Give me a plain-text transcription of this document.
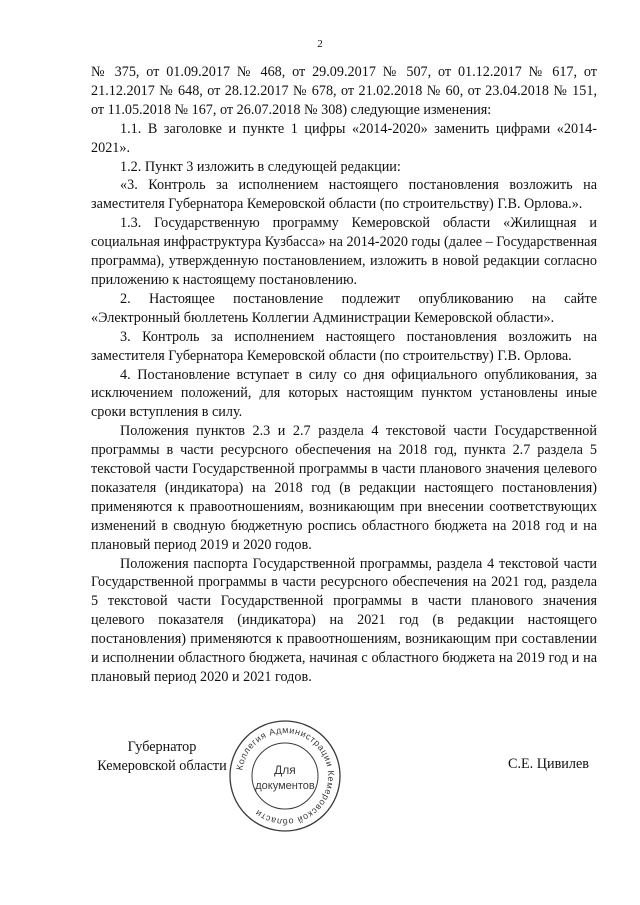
2

№ 375, от 01.09.2017 № 468, от 29.09.2017 № 507, от 01.12.2017 № 617, от 21.12.2017 № 648, от 28.12.2017 № 678, от 21.02.2018 № 60, от 23.04.2018 № 151, от 11.05.2018 № 167, от 26.07.2018 № 308) следующие изменения:

1.1. В заголовке и пункте 1 цифры «2014-2020» заменить цифрами «2014-2021».

1.2. Пункт 3 изложить в следующей редакции:

«3. Контроль за исполнением настоящего постановления возложить на заместителя Губернатора Кемеровской области (по строительству) Г.В. Орлова.».

1.3. Государственную программу Кемеровской области «Жилищная и социальная инфраструктура Кузбасса» на 2014-2020 годы (далее – Государственная программа), утвержденную постановлением, изложить в новой редакции согласно приложению к настоящему постановлению.

2. Настоящее постановление подлежит опубликованию на сайте «Электронный бюллетень Коллегии Администрации Кемеровской области».

3. Контроль за исполнением настоящего постановления возложить на заместителя Губернатора Кемеровской области (по строительству) Г.В. Орлова.

4. Постановление вступает в силу со дня официального опубликования, за исключением положений, для которых настоящим пунктом установлены иные сроки вступления в силу.

Положения пунктов 2.3 и 2.7 раздела 4 текстовой части Государственной программы в части ресурсного обеспечения на 2018 год, пункта 2.7 раздела 5 текстовой части Государственной программы в части планового значения целевого показателя (индикатора) на 2018 год (в редакции настоящего постановления) применяются к правоотношениям, возникающим при внесении соответствующих изменений в сводную бюджетную роспись областного бюджета на 2018 год и на плановый период 2019 и 2020 годов.

Положения паспорта Государственной программы, раздела 4 текстовой части Государственной программы в части ресурсного обеспечения на 2021 год, раздела 5 текстовой части Государственной программы в части планового значения целевого показателя (индикатора) на 2021 год (в редакции настоящего постановления) применяются к правоотношениям, возникающим при составлении и исполнении областного бюджета, начиная с областного бюджета на 2019 год и на плановый период 2020 и 2021 годов.

Губернатор
Кемеровской области	С.Е. Цивилев
Коллегия Администрации Кемеровской области
Для
документов
